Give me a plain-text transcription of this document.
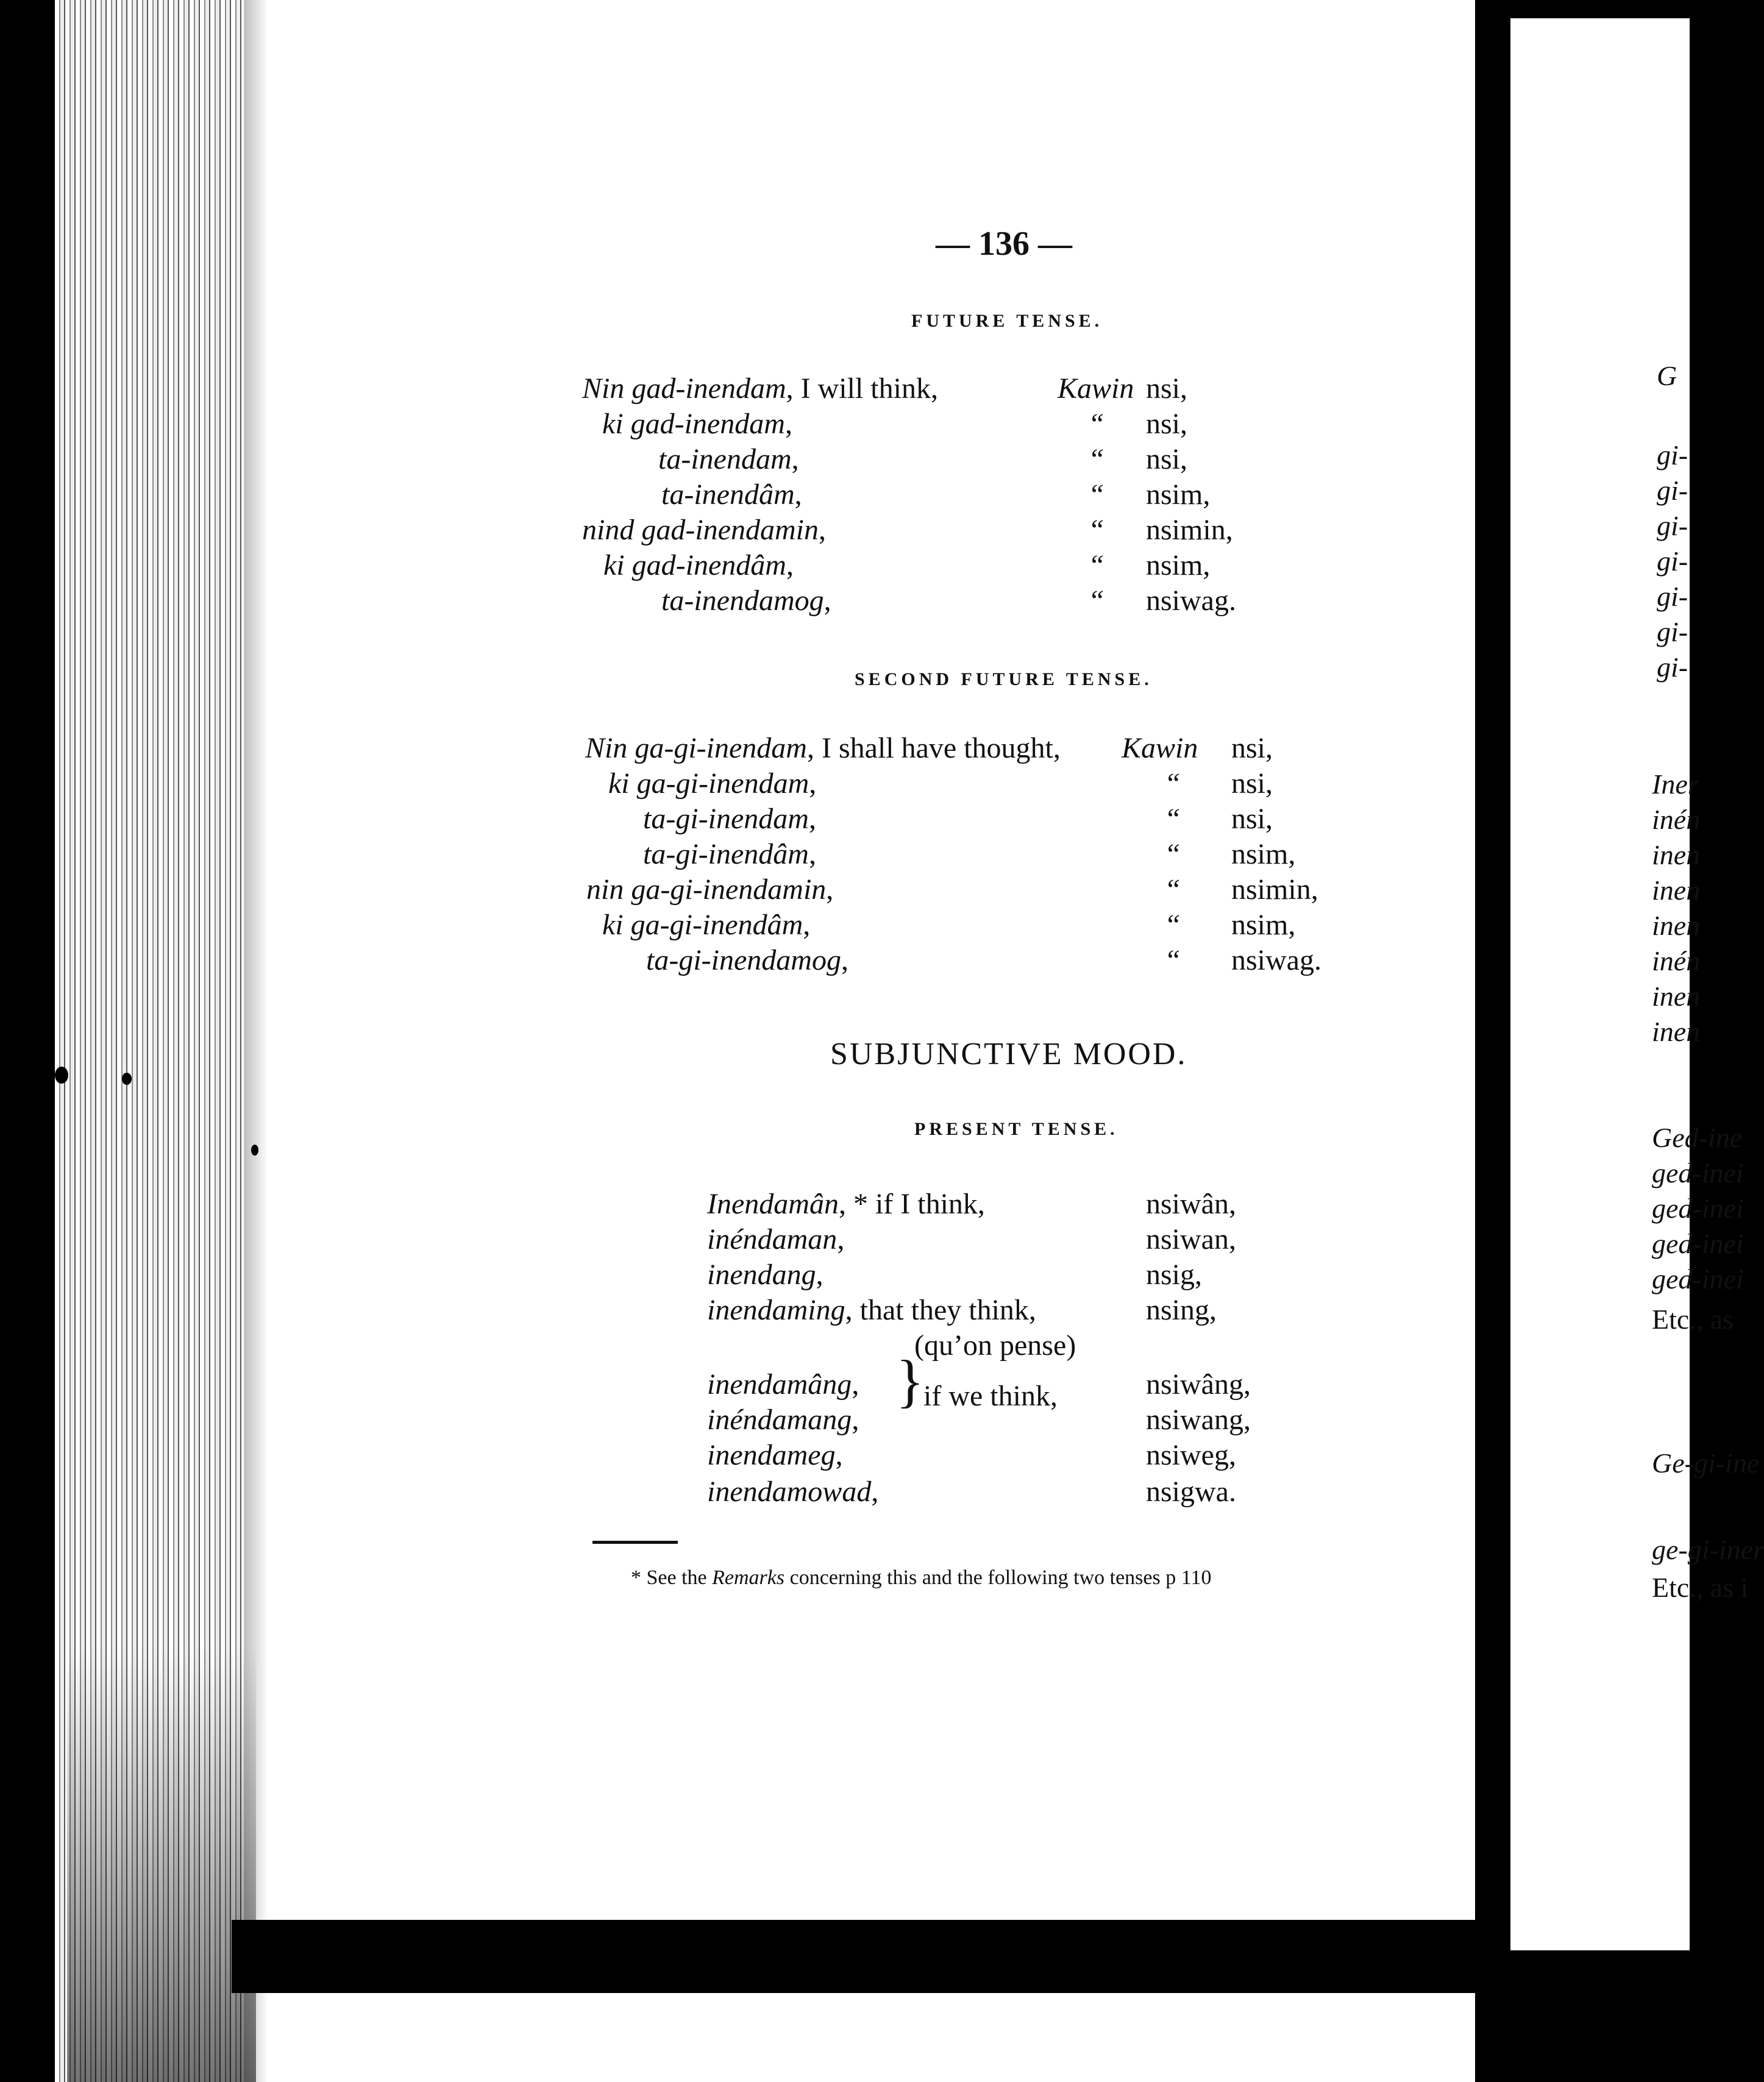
— 136 —
FUTURE TENSE.
Nin gad-inendam, I will think,	Kawin nsi,
ki gad-inendam,	“ nsi,
ta-inendam,	“ nsi,
ta-inendâm,	“ nsim,
nind gad-inendamin,	“ nsimin,
ki gad-inendâm,	“ nsim,
ta-inendamog,	“ nsiwag.
SECOND FUTURE TENSE.
Nin ga-gi-inendam, I shall have thought, Kawin nsi,
ki ga-gi-inendam,	“ nsi,
ta-gi-inendam,	“ nsi,
ta-gi-inendâm,	“ nsim,
nin ga-gi-inendamin,	“ nsimin,
ki ga-gi-inendâm,	“ nsim,
ta-gi-inendamog,	“ nsiwag.
SUBJUNCTIVE MOOD.
PRESENT TENSE.
Inendamân, * if I think,	nsiwân,
inéndaman,	nsiwan,
inendang,	nsig,
inendaming, that they think,	nsing,
(qu’on pense)
inendamâng,	nsiwâng,
inéndamang,	nsiwang,
inendameg,	nsiweg,
inendamowad,	nsigwa.
}
if we think,
* See the Remarks concerning this and the following two tenses p 110
G
gi-
gi-
gi-
gi-
gi-
gi-
gi-
Iner
inén
inen
inen
inen
inén
inen
inen
Ged-ine
ged-inei
ged-inei
ged-inei
ged-inei
Etc., as
Ge-gi-ine
ge-gi-iner
Etc., as i
